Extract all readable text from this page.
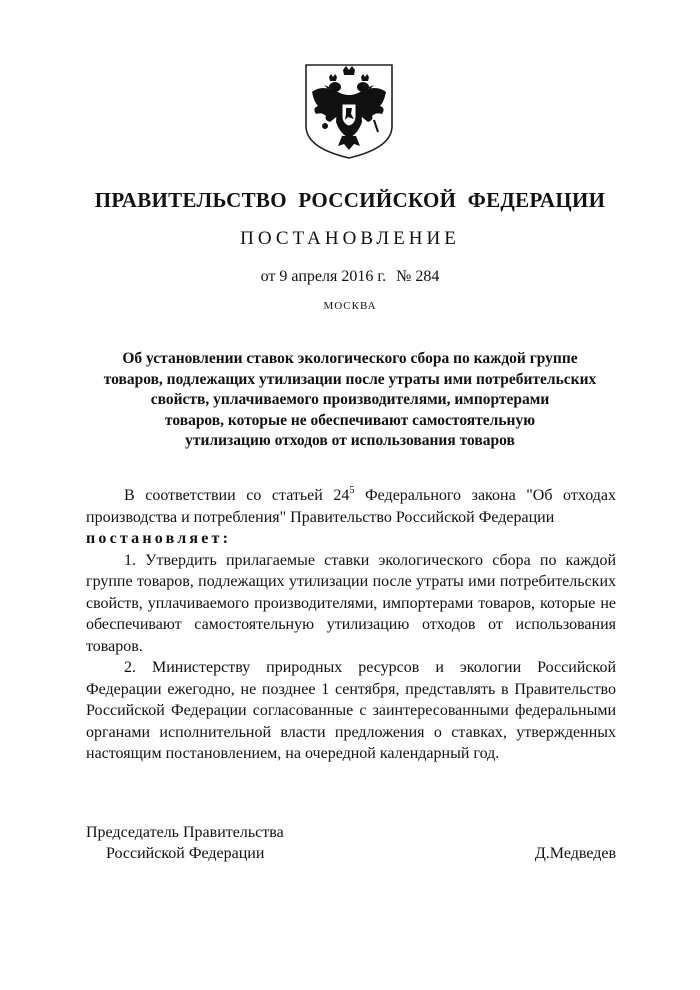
ПРАВИТЕЛЬСТВО РОССИЙСКОЙ ФЕДЕРАЦИИ
ПОСТАНОВЛЕНИЕ
от 9 апреля 2016 г. № 284
МОСКВА
Об установлении ставок экологического сбора по каждой группе
товаров, подлежащих утилизации после утраты ими потребительских
свойств, уплачиваемого производителями, импортерами
товаров, которые не обеспечивают самостоятельную
утилизацию отходов от использования товаров

В соответствии со статьей $24^5$ Федерального закона "Об отходах производства и потребления" Правительство Российской Федерации

постановляет:

1. Утвердить прилагаемые ставки экологического сбора по каждой группе товаров, подлежащих утилизации после утраты ими потребительских свойств, уплачиваемого производителями, импортерами товаров, которые не обеспечивают самостоятельную утилизацию отходов от использования товаров.

2. Министерству природных ресурсов и экологии Российской Федерации ежегодно, не позднее 1 сентября, представлять в Правительство Российской Федерации согласованные с заинтересованными федеральными органами исполнительной власти предложения о ставках, утвержденных настоящим постановлением, на очередной календарный год.

Председатель Правительства
Российской Федерации	Д.Медведев
